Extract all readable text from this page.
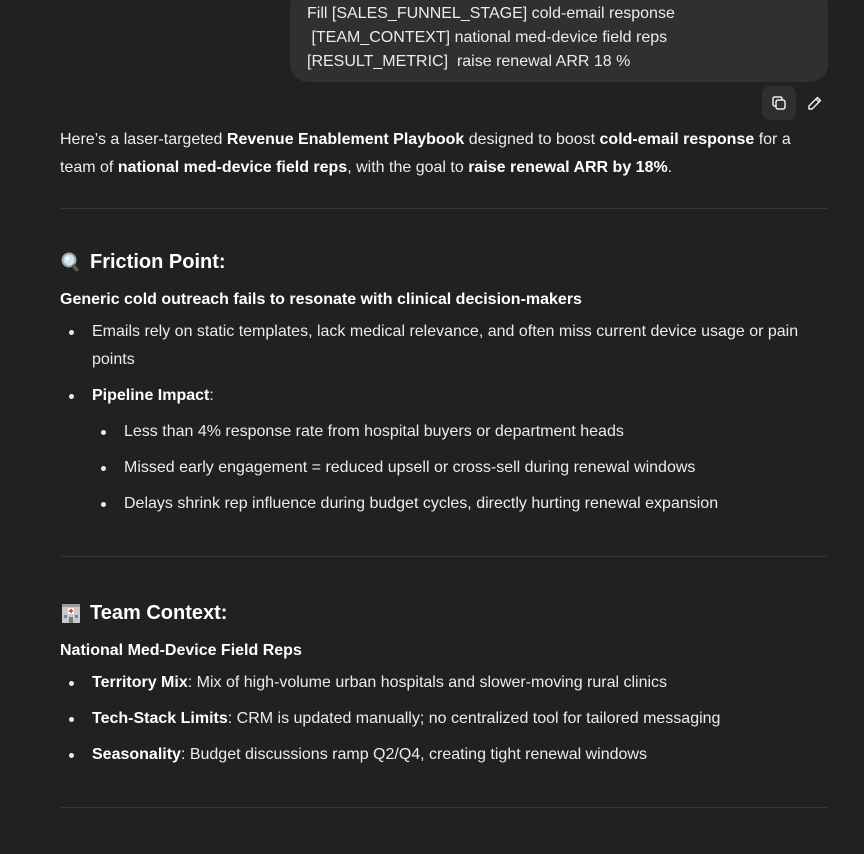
Fill [SALES_FUNNEL_STAGE] cold-email response
[TEAM_CONTEXT] national med-device field reps
[RESULT_METRIC]  raise renewal ARR 18 %

Here’s a laser-targeted Revenue Enablement Playbook designed to boost cold-email response for a team of national med-device field reps, with the goal to raise renewal ARR by 18%.

Friction Point:

Generic cold outreach fails to resonate with clinical decision-makers

Emails rely on static templates, lack medical relevance, and often miss current device usage or pain points
Pipeline Impact:
Less than 4% response rate from hospital buyers or department heads
Missed early engagement = reduced upsell or cross-sell during renewal windows
Delays shrink rep influence during budget cycles, directly hurting renewal expansion
Team Context:

National Med-Device Field Reps

Territory Mix: Mix of high-volume urban hospitals and slower-moving rural clinics
Tech-Stack Limits: CRM is updated manually; no centralized tool for tailored messaging
Seasonality: Budget discussions ramp Q2/Q4, creating tight renewal windows
